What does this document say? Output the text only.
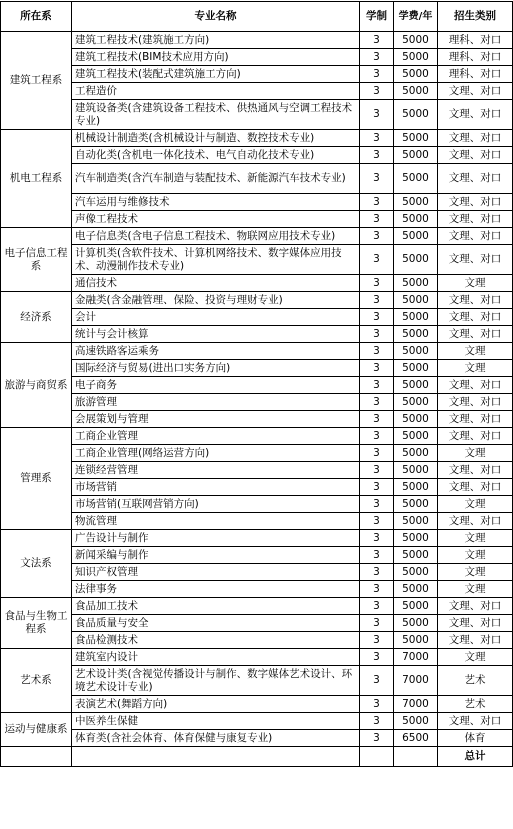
所在系	专业名称	学制	学费/年	招生类别
建筑工程系	建筑工程技术(建筑施工方向)	3	5000	理科、对口
	建筑工程技术(BIM技术应用方向)	3	5000	理科、对口
	建筑工程技术(装配式建筑施工方向)	3	5000	理科、对口
	工程造价	3	5000	文理、对口
	建筑设备类(含建筑设备工程技术、供热通风与空调工程技术专业)	3	5000	文理、对口
机电工程系	机械设计制造类(含机械设计与制造、数控技术专业)	3	5000	文理、对口
	自动化类(含机电一体化技术、电气自动化技术专业)	3	5000	文理、对口
	汽车制造类(含汽车制造与装配技术、新能源汽车技术专业)	3	5000	文理、对口
	汽车运用与维修技术	3	5000	文理、对口
	声像工程技术	3	5000	文理、对口
电子信息工程系	电子信息类(含电子信息工程技术、物联网应用技术专业)	3	5000	文理、对口
	计算机类(含软件技术、计算机网络技术、数字媒体应用技术、动漫制作技术专业)	3	5000	文理、对口
	通信技术	3	5000	文理
经济系	金融类(含金融管理、保险、投资与理财专业)	3	5000	文理、对口
	会计	3	5000	文理、对口
	统计与会计核算	3	5000	文理、对口
旅游与商贸系	高速铁路客运乘务	3	5000	文理
	国际经济与贸易(进出口实务方向)	3	5000	文理
	电子商务	3	5000	文理、对口
	旅游管理	3	5000	文理、对口
	会展策划与管理	3	5000	文理、对口
管理系	工商企业管理	3	5000	文理、对口
	工商企业管理(网络运营方向)	3	5000	文理
	连锁经营管理	3	5000	文理、对口
	市场营销	3	5000	文理、对口
	市场营销(互联网营销方向)	3	5000	文理
	物流管理	3	5000	文理、对口
文法系	广告设计与制作	3	5000	文理
	新闻采编与制作	3	5000	文理
	知识产权管理	3	5000	文理
	法律事务	3	5000	文理
食品与生物工程系	食品加工技术	3	5000	文理、对口
	食品质量与安全	3	5000	文理、对口
	食品检测技术	3	5000	文理、对口
艺术系	建筑室内设计	3	7000	文理
	艺术设计类(含视觉传播设计与制作、数字媒体艺术设计、环境艺术设计专业)	3	7000	艺术
	表演艺术(舞蹈方向)	3	7000	艺术
运动与健康系	中医养生保健	3	5000	文理、对口
	体育类(含社会体育、体育保健与康复专业)	3	6500	体育
				总计
